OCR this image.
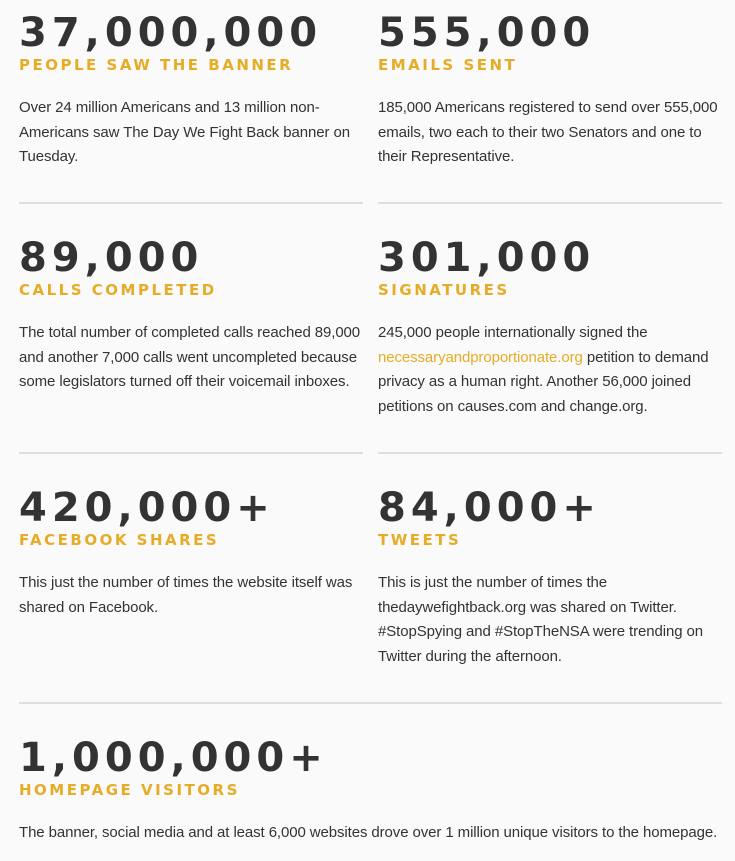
37,000,000
PEOPLE SAW THE BANNER
Over 24 million Americans and 13 million non-Americans saw The Day We Fight Back banner on Tuesday.
555,000
EMAILS SENT
185,000 Americans registered to send over 555,000 emails, two each to their two Senators and one to their Representative.
89,000
CALLS COMPLETED
The total number of completed calls reached 89,000 and another 7,000 calls went uncompleted because some legislators turned off their voicemail inboxes.
301,000
SIGNATURES
245,000 people internationally signed the
necessaryandproportionate.org petition to demand privacy as a human right. Another 56,000 joined petitions on causes.com and change.org.
420,000+
FACEBOOK SHARES
This just the number of times the website itself was shared on Facebook.
84,000+
TWEETS
This is just the number of times the thedaywefightback.org was shared on Twitter. #StopSpying and #StopTheNSA were trending on Twitter during the afternoon.
1,000,000+
HOMEPAGE VISITORS
The banner, social media and at least 6,000 websites drove over 1 million unique visitors to the homepage.
